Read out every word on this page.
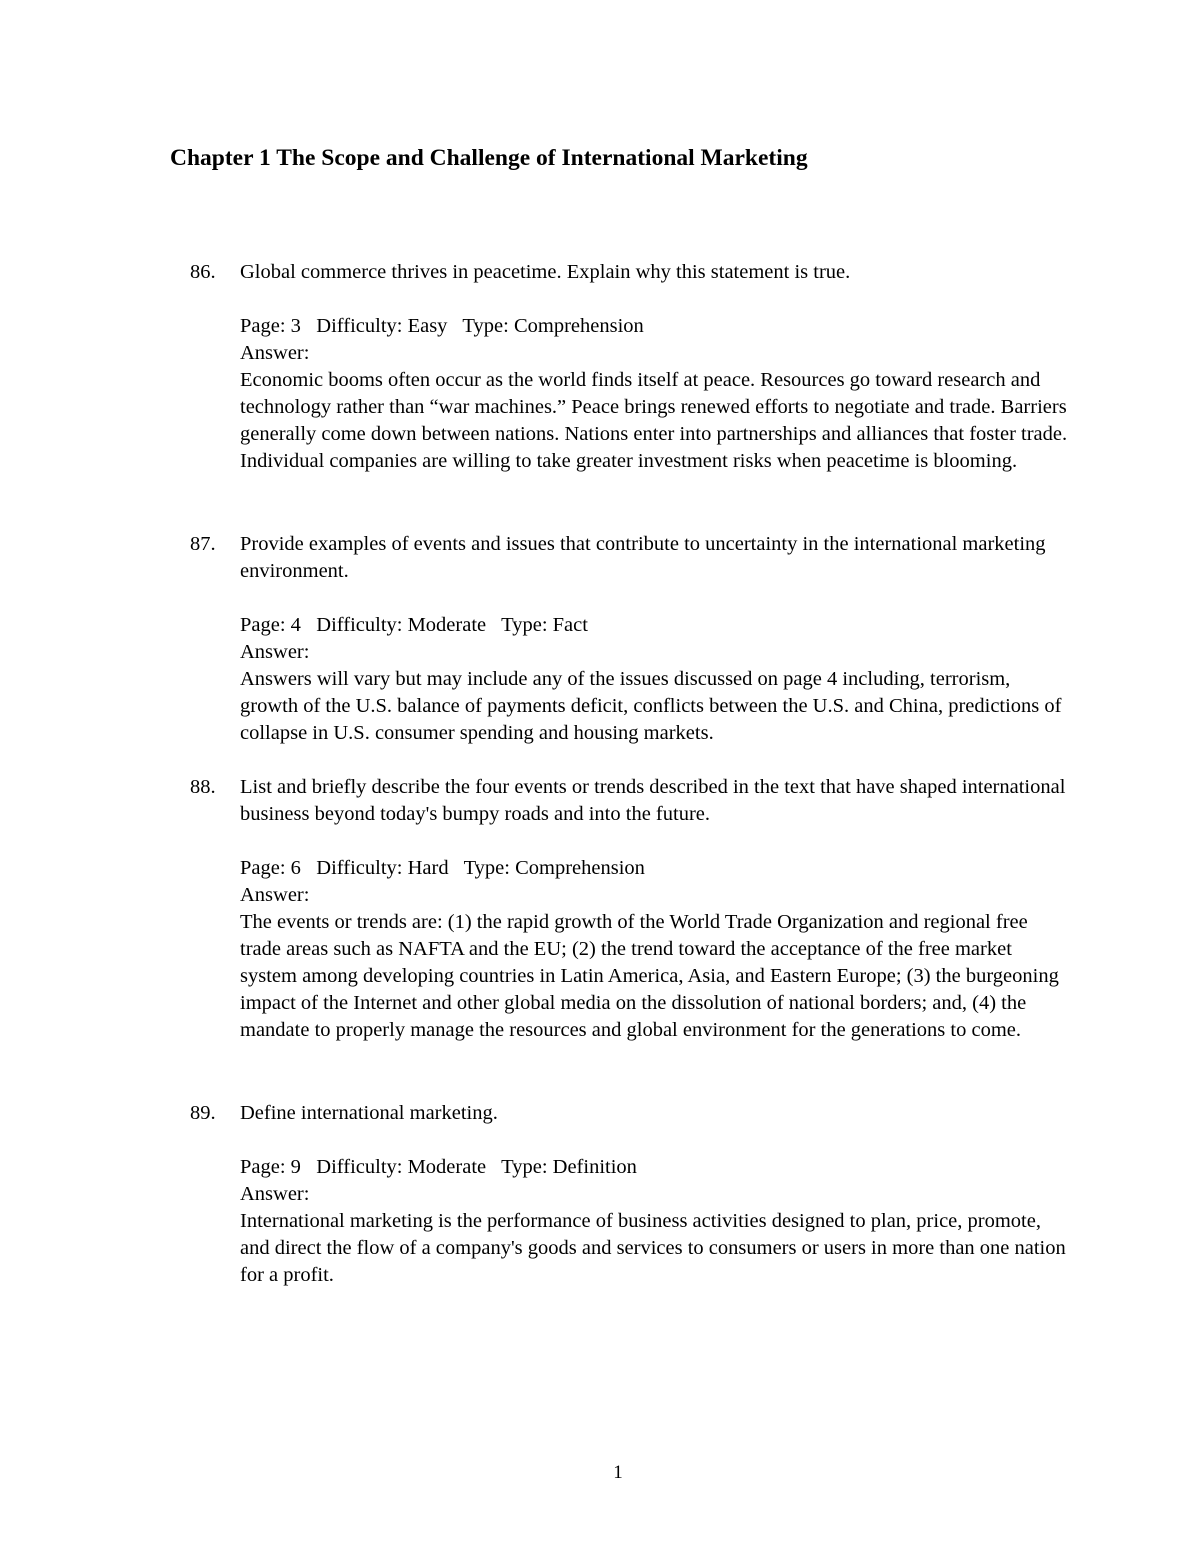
Chapter 1 The Scope and Challenge of International Marketing
86. Global commerce thrives in peacetime. Explain why this statement is true.

Page: 3   Difficulty: Easy   Type: Comprehension

Answer:

Economic booms often occur as the world finds itself at peace. Resources go toward research and technology rather than “war machines.” Peace brings renewed efforts to negotiate and trade. Barriers generally come down between nations. Nations enter into partnerships and alliances that foster trade. Individual companies are willing to take greater investment risks when peacetime is blooming.

87. Provide examples of events and issues that contribute to uncertainty in the international marketing environment.

Page: 4   Difficulty: Moderate   Type: Fact

Answer:

Answers will vary but may include any of the issues discussed on page 4 including, terrorism, growth of the U.S. balance of payments deficit, conflicts between the U.S. and China, predictions of collapse in U.S. consumer spending and housing markets.

88. List and briefly describe the four events or trends described in the text that have shaped international business beyond today's bumpy roads and into the future.

Page: 6   Difficulty: Hard   Type: Comprehension

Answer:

The events or trends are: (1) the rapid growth of the World Trade Organization and regional free trade areas such as NAFTA and the EU; (2) the trend toward the acceptance of the free market system among developing countries in Latin America, Asia, and Eastern Europe; (3) the burgeoning impact of the Internet and other global media on the dissolution of national borders; and, (4) the mandate to properly manage the resources and global environment for the generations to come.

89. Define international marketing.

Page: 9   Difficulty: Moderate   Type: Definition

Answer:

International marketing is the performance of business activities designed to plan, price, promote, and direct the flow of a company's goods and services to consumers or users in more than one nation for a profit.

1
